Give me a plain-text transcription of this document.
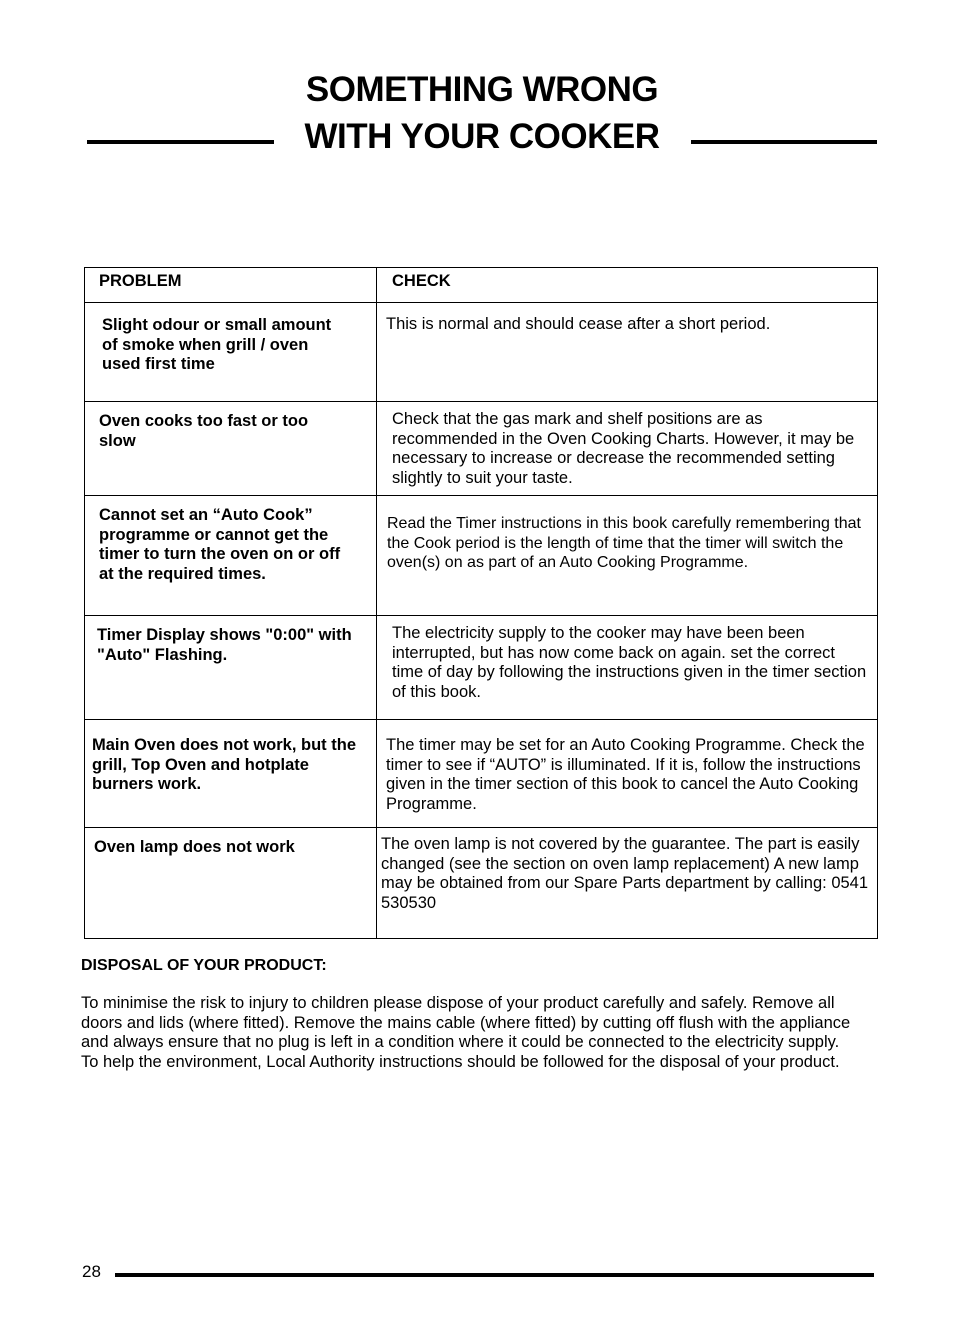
SOMETHING WRONG
WITH YOUR COOKER
PROBLEM	CHECK

Slight odour or small amount of smoke when grill / oven used first time	This is normal and should cease after a short period.

Oven cooks too fast or too slow	Check that the gas mark and shelf positions are as recommended in the Oven Cooking Charts. However, it may be necessary to increase or decrease the recommended setting slightly to suit your taste.

Cannot set an “Auto Cook” programme or cannot get the timer to turn the oven on or off at the required times.	Read the Timer instructions in this book carefully remembering that the Cook period is the length of time that the timer will switch the oven(s) on as part of an Auto Cooking Programme.

Timer Display shows "0:00" with "Auto" Flashing.	The electricity supply to the cooker may have been been interrupted, but has now come back on again. set the correct time of day by following the instructions given in the timer section of this book.

Main Oven does not work, but the grill, Top Oven and hotplate burners work.	The timer may be set for an Auto Cooking Programme. Check the timer to see if “AUTO” is illuminated. If it is, follow the instructions given in the timer section of this book to cancel the Auto Cooking Programme.

Oven lamp does not work	The oven lamp is not covered by the guarantee. The part is easily changed (see the section on oven lamp replacement) A new lamp may be obtained from our Spare Parts department by calling: 0541 530530
DISPOSAL OF YOUR PRODUCT:
To minimise the risk to injury to children please dispose of your product carefully and safely. Remove all doors and lids (where fitted). Remove the mains cable (where fitted) by cutting off flush with the appliance and always ensure that no plug is left in a condition where it could be connected to the electricity supply.
To help the environment, Local Authority instructions should be followed for the disposal of your product.
28
